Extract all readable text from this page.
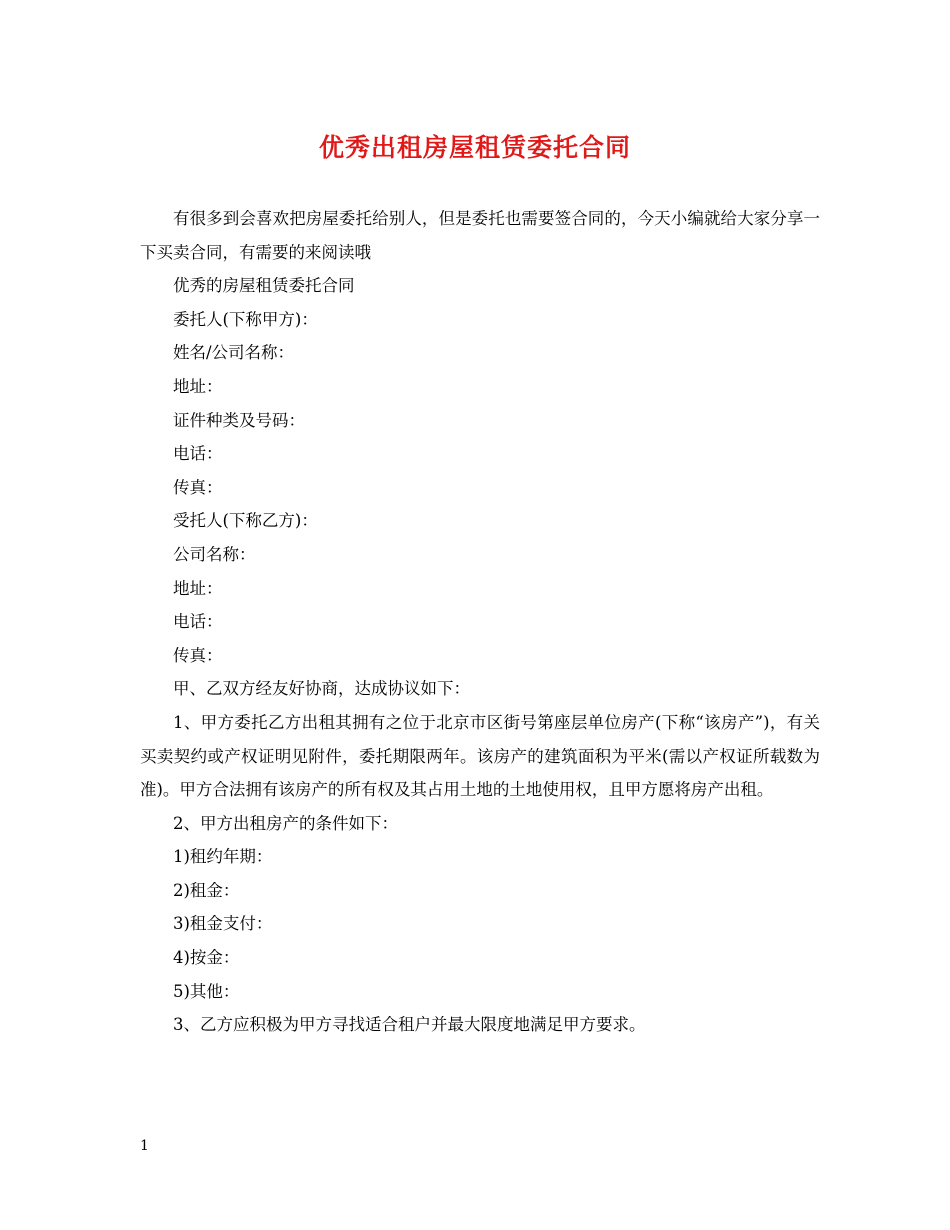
优秀出租房屋租赁委托合同

有很多到会喜欢把房屋委托给别人，但是委托也需要签合同的，今天小编就给大家分享一下买卖合同，有需要的来阅读哦

优秀的房屋租赁委托合同

委托人(下称甲方)：

姓名/公司名称：

地址：

证件种类及号码：

电话：

传真：

受托人(下称乙方)：

公司名称：

地址：

电话：

传真：

甲、乙双方经友好协商，达成协议如下：

1、甲方委托乙方出租其拥有之位于北京市区街号第座层单位房产(下称“该房产”)，有关买卖契约或产权证明见附件，委托期限两年。该房产的建筑面积为平米(需以产权证所载数为准)。甲方合法拥有该房产的所有权及其占用土地的土地使用权，且甲方愿将房产出租。

2、甲方出租房产的条件如下：

1)租约年期：

2)租金：

3)租金支付：

4)按金：

5)其他：

3、乙方应积极为甲方寻找适合租户并最大限度地满足甲方要求。

1
